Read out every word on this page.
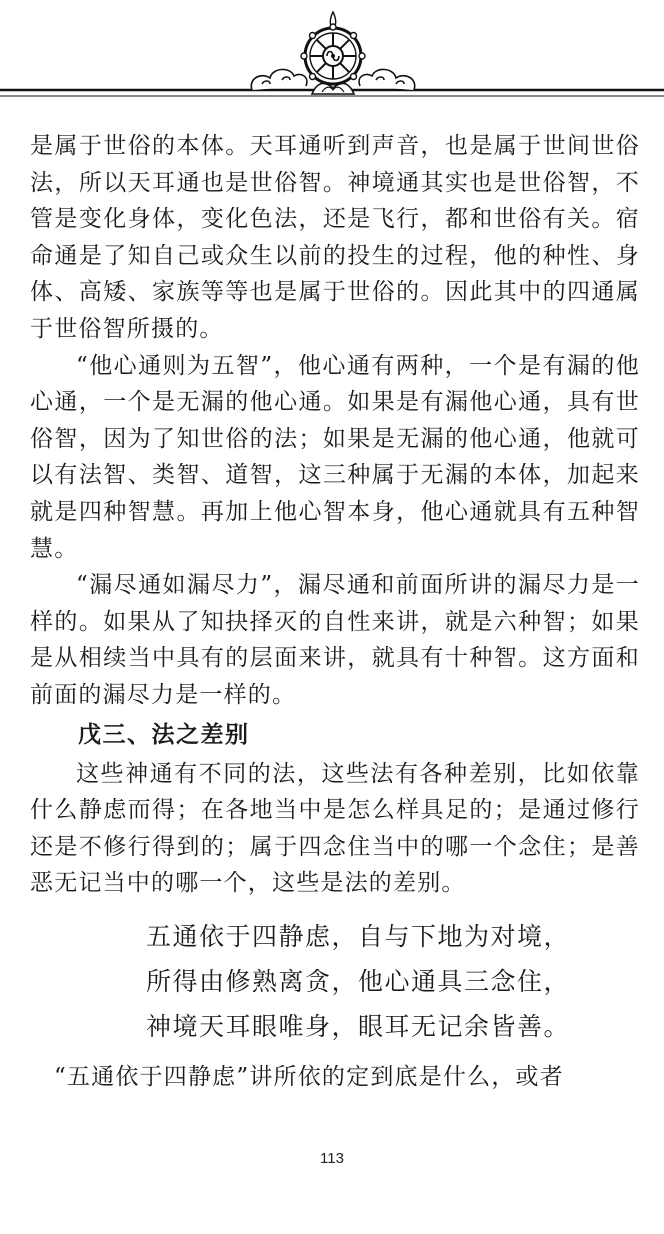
是属于世俗的本体。天耳通听到声音，也是属于世间世俗法，所以天耳通也是世俗智。神境通其实也是世俗智，不管是变化身体，变化色法，还是飞行，都和世俗有关。宿命通是了知自己或众生以前的投生的过程，他的种性、身体、高矮、家族等等也是属于世俗的。因此其中的四通属于世俗智所摄的。

“他心通则为五智”，他心通有两种，一个是有漏的他心通，一个是无漏的他心通。如果是有漏他心通，具有世俗智，因为了知世俗的法；如果是无漏的他心通，他就可以有法智、类智、道智，这三种属于无漏的本体，加起来就是四种智慧。再加上他心智本身，他心通就具有五种智慧。

“漏尽通如漏尽力”，漏尽通和前面所讲的漏尽力是一样的。如果从了知抉择灭的自性来讲，就是六种智；如果是从相续当中具有的层面来讲，就具有十种智。这方面和前面的漏尽力是一样的。

戊三、法之差别

这些神通有不同的法，这些法有各种差别，比如依靠什么静虑而得；在各地当中是怎么样具足的；是通过修行还是不修行得到的；属于四念住当中的哪一个念住；是善恶无记当中的哪一个，这些是法的差别。

五通依于四静虑，自与下地为对境，
所得由修熟离贪，他心通具三念住，
神境天耳眼唯身，眼耳无记余皆善。

“五通依于四静虑”讲所依的定到底是什么，或者

113
